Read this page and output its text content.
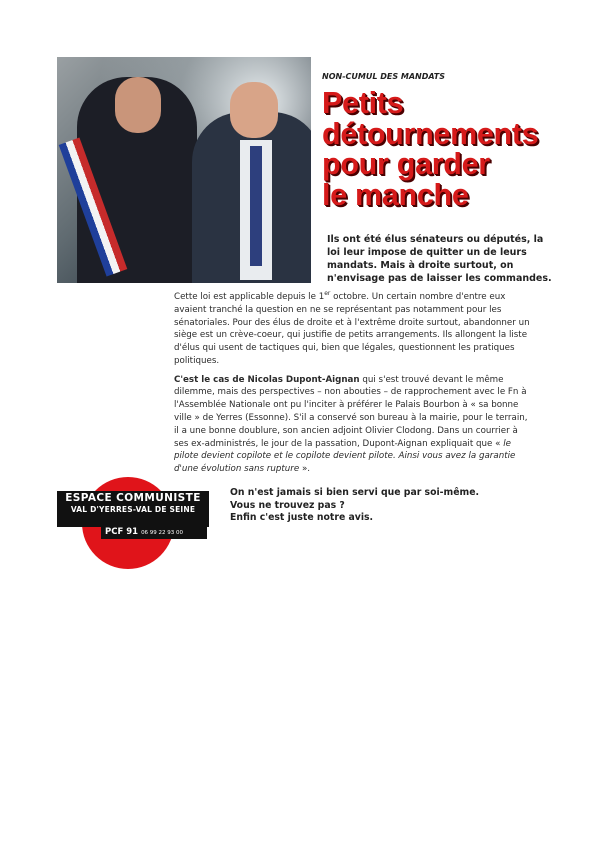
NON-CUMUL DES MANDATS
Petits
détournements
pour garder
le manche
Ils ont été élus sénateurs ou députés, la loi leur impose de quitter un de leurs mandats. Mais à droite surtout, on n'envisage pas de laisser les commandes.

Cette loi est applicable depuis le 1er octobre. Un certain nombre d'entre eux avaient tranché la question en ne se représentant pas notamment pour les sénatoriales. Pour des élus de droite et à l'extrême droite surtout, abandonner un siège est un crève-coeur, qui justifie de petits arrangements. Ils allongent la liste d'élus qui usent de tactiques qui, bien que légales, questionnent les pratiques politiques.

C'est le cas de Nicolas Dupont-Aignan qui s'est trouvé devant le même dilemme, mais des perspectives – non abouties – de rapprochement avec le Fn à l'Assemblée Nationale ont pu l'inciter à préférer le Palais Bourbon à « sa bonne ville » de Yerres (Essonne). S'il a conservé son bureau à la mairie, pour le terrain, il a une bonne doublure, son ancien adjoint Olivier Clodong. Dans un courrier à ses ex-administrés, le jour de la passation, Dupont-Aignan expliquait que « le pilote devient copilote et le copilote devient pilote. Ainsi vous avez la garantie d'une évolution sans rupture ».

ESPACE COMMUNISTE
VAL D'YERRES-VAL DE SEINE
PCF 91 06 99 22 93 00
On n'est jamais si bien servi que par soi-même.
Vous ne trouvez pas ?
Enfin c'est juste notre avis.
